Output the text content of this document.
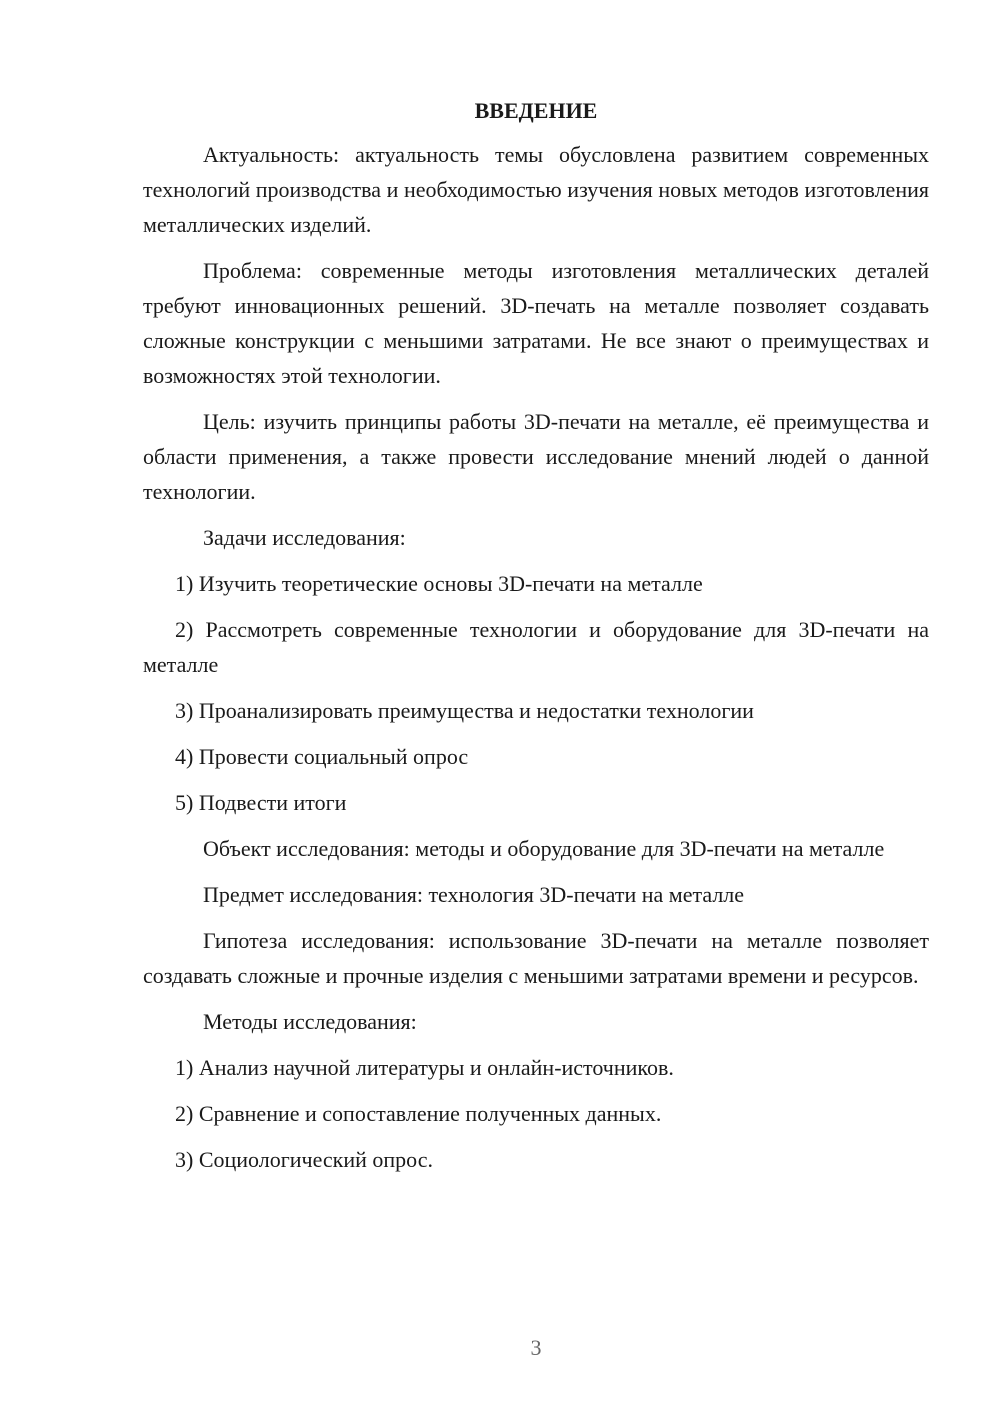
ВВЕДЕНИЕ

Актуальность: актуальность темы обусловлена развитием современных технологий производства и необходимостью изучения новых методов изготовления металлических изделий.

Проблема: современные методы изготовления металлических деталей требуют инновационных решений. 3D-печать на металле позволяет создавать сложные конструкции с меньшими затратами. Не все знают о преимуществах и возможностях этой технологии.

Цель: изучить принципы работы 3D-печати на металле, её преимущества и области применения, а также провести исследование мнений людей о данной технологии.

Задачи исследования:
1) Изучить теоретические основы 3D-печати на металле
2) Рассмотреть современные технологии и оборудование для 3D-печати на металле
3) Проанализировать преимущества и недостатки технологии
4) Провести социальный опрос
5) Подвести итоги

Объект исследования: методы и оборудование для 3D-печати на металле

Предмет исследования: технология 3D-печати на металле

Гипотеза исследования: использование 3D-печати на металле позволяет создавать сложные и прочные изделия с меньшими затратами времени и ресурсов.

Методы исследования:
1) Анализ научной литературы и онлайн-источников.
2) Сравнение и сопоставление полученных данных.
3) Социологический опрос.
3
